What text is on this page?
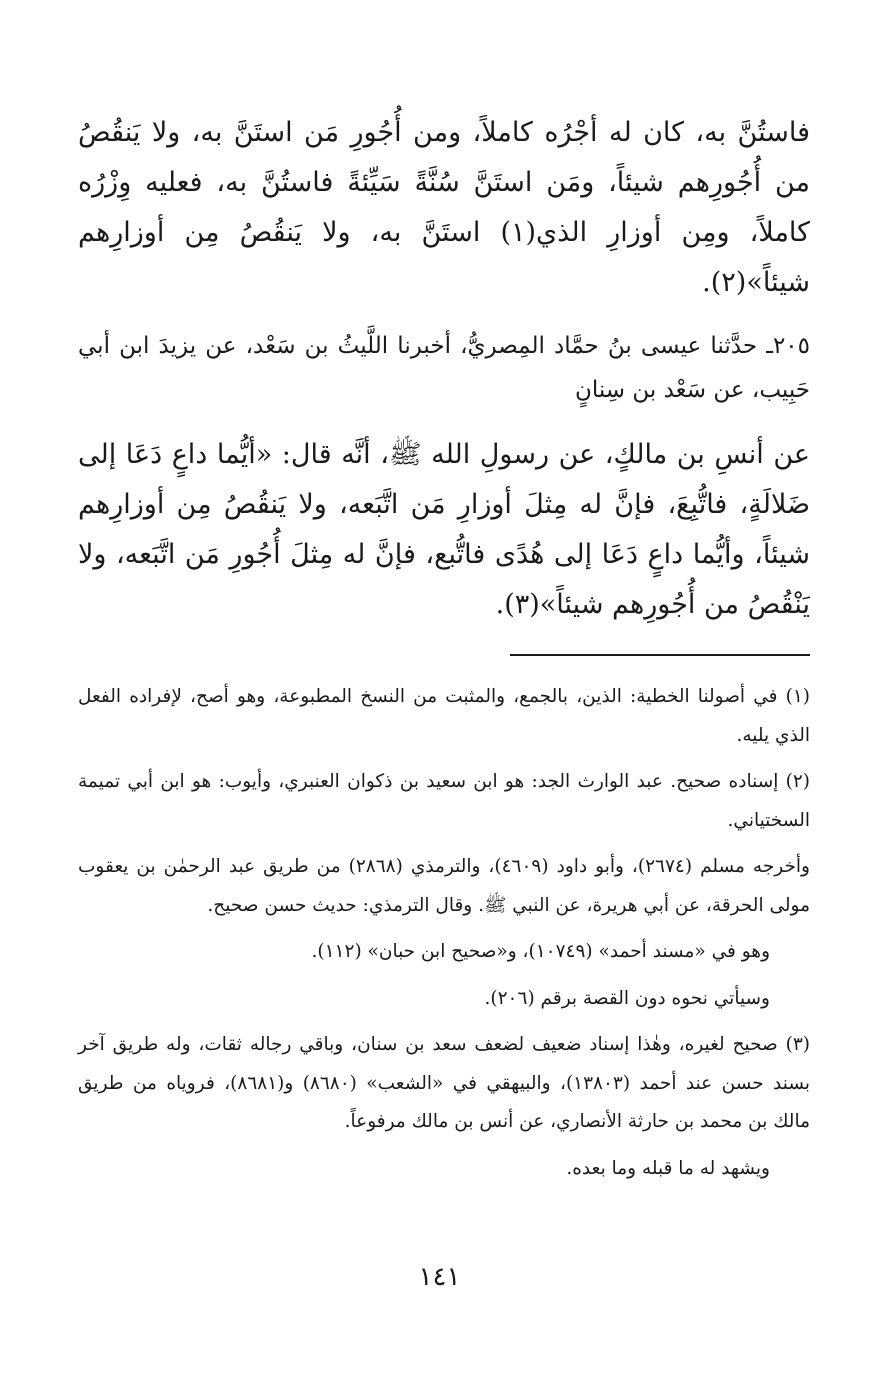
فاستُنَّ به، كان له أجْرُه كاملاً، ومن أُجُورِ مَن استَنَّ به، ولا يَنقُصُ من أُجُورِهم شيئاً، ومَن استَنَّ سُنَّةً سَيِّئةً فاستُنَّ به، فعليه وِزْرُه كاملاً، ومِن أوزارِ الذي(١) استَنَّ به، ولا يَنقُصُ مِن أوزارِهم شيئاً»(٢).

٢٠٥ـ حدَّثنا عيسى بنُ حمَّاد المِصريُّ، أخبرنا اللَّيثُ بن سَعْد، عن يزيدَ ابن أبي حَبِيب، عن سَعْد بن سِنانٍ

عن أنسِ بن مالكٍ، عن رسولِ الله ﷺ، أنَّه قال: «أيُّما داعٍ دَعَا إلى ضَلالَةٍ، فاتُّبِعَ، فإنَّ له مِثلَ أوزارِ مَن اتَّبَعه، ولا يَنقُصُ مِن أوزارِهم شيئاً، وأيُّما داعٍ دَعَا إلى هُدًى فاتُّبع، فإنَّ له مِثلَ أُجُورِ مَن اتَّبَعه، ولا يَنْقُصُ من أُجُورِهم شيئاً»(٣).

(١) في أصولنا الخطية: الذين، بالجمع، والمثبت من النسخ المطبوعة، وهو أصح، لإفراده الفعل الذي يليه.

(٢) إسناده صحيح. عبد الوارث الجد: هو ابن سعيد بن ذكوان العنبري، وأيوب: هو ابن أبي تميمة السختياني.

وأخرجه مسلم (٢٦٧٤)، وأبو داود (٤٦٠٩)، والترمذي (٢٨٦٨) من طريق عبد الرحمٰن بن يعقوب مولى الحرقة، عن أبي هريرة، عن النبي ﷺ. وقال الترمذي: حديث حسن صحيح.

وهو في «مسند أحمد» (١٠٧٤٩)، و«صحيح ابن حبان» (١١٢).

وسيأتي نحوه دون القصة برقم (٢٠٦).

(٣) صحيح لغيره، وهٰذا إسناد ضعيف لضعف سعد بن سنان، وباقي رجاله ثقات، وله طريق آخر بسند حسن عند أحمد (١٣٨٠٣)، والبيهقي في «الشعب» (٨٦٨٠) و(٨٦٨١)، فروياه من طريق مالك بن محمد بن حارثة الأنصاري، عن أنس بن مالك مرفوعاً.

ويشهد له ما قبله وما بعده.

١٤١
